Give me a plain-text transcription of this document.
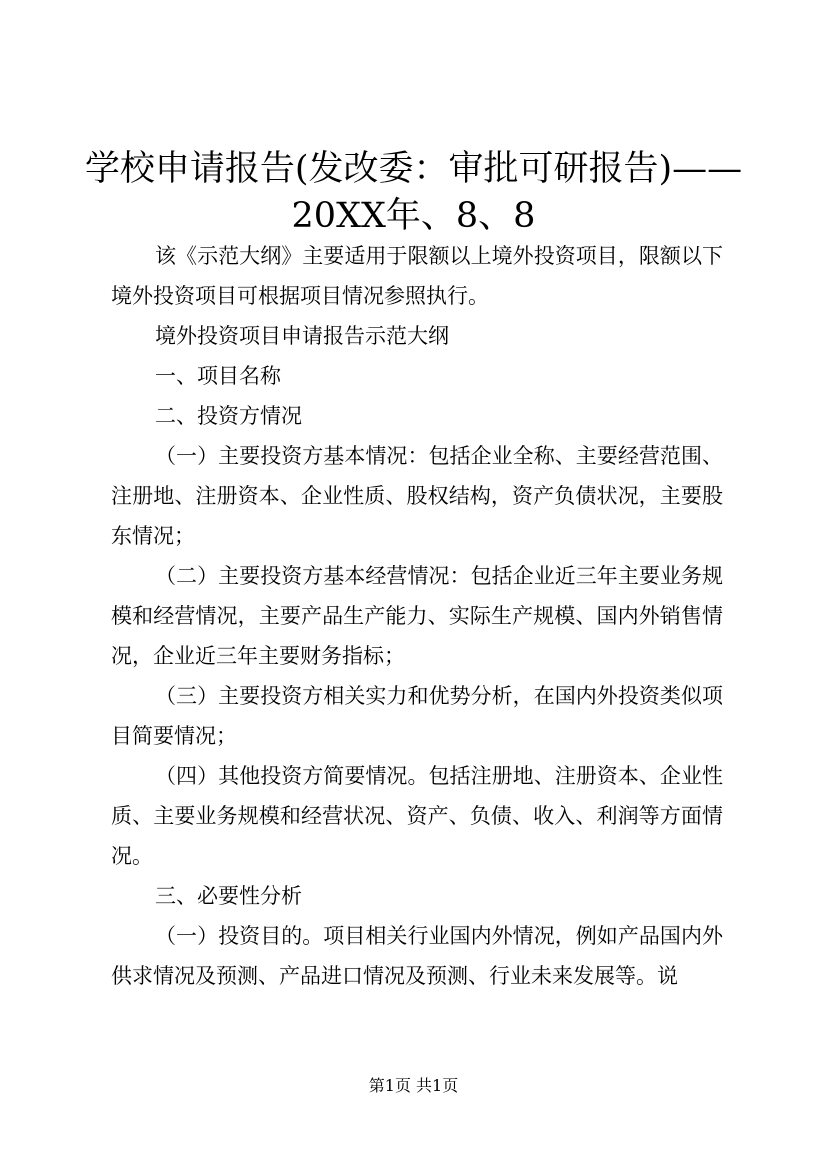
学校申请报告(发改委：审批可研报告)——20XX年、8、8

该《示范大纲》主要适用于限额以上境外投资项目，限额以下境外投资项目可根据项目情况参照执行。

境外投资项目申请报告示范大纲

一、项目名称

二、投资方情况

（一）主要投资方基本情况：包括企业全称、主要经营范围、注册地、注册资本、企业性质、股权结构，资产负债状况，主要股东情况；

（二）主要投资方基本经营情况：包括企业近三年主要业务规模和经营情况，主要产品生产能力、实际生产规模、国内外销售情况，企业近三年主要财务指标；

（三）主要投资方相关实力和优势分析，在国内外投资类似项目简要情况；

（四）其他投资方简要情况。包括注册地、注册资本、企业性质、主要业务规模和经营状况、资产、负债、收入、利润等方面情况。

三、必要性分析

（一）投资目的。项目相关行业国内外情况，例如产品国内外供求情况及预测、产品进口情况及预测、行业未来发展等。说

第1页 共1页
